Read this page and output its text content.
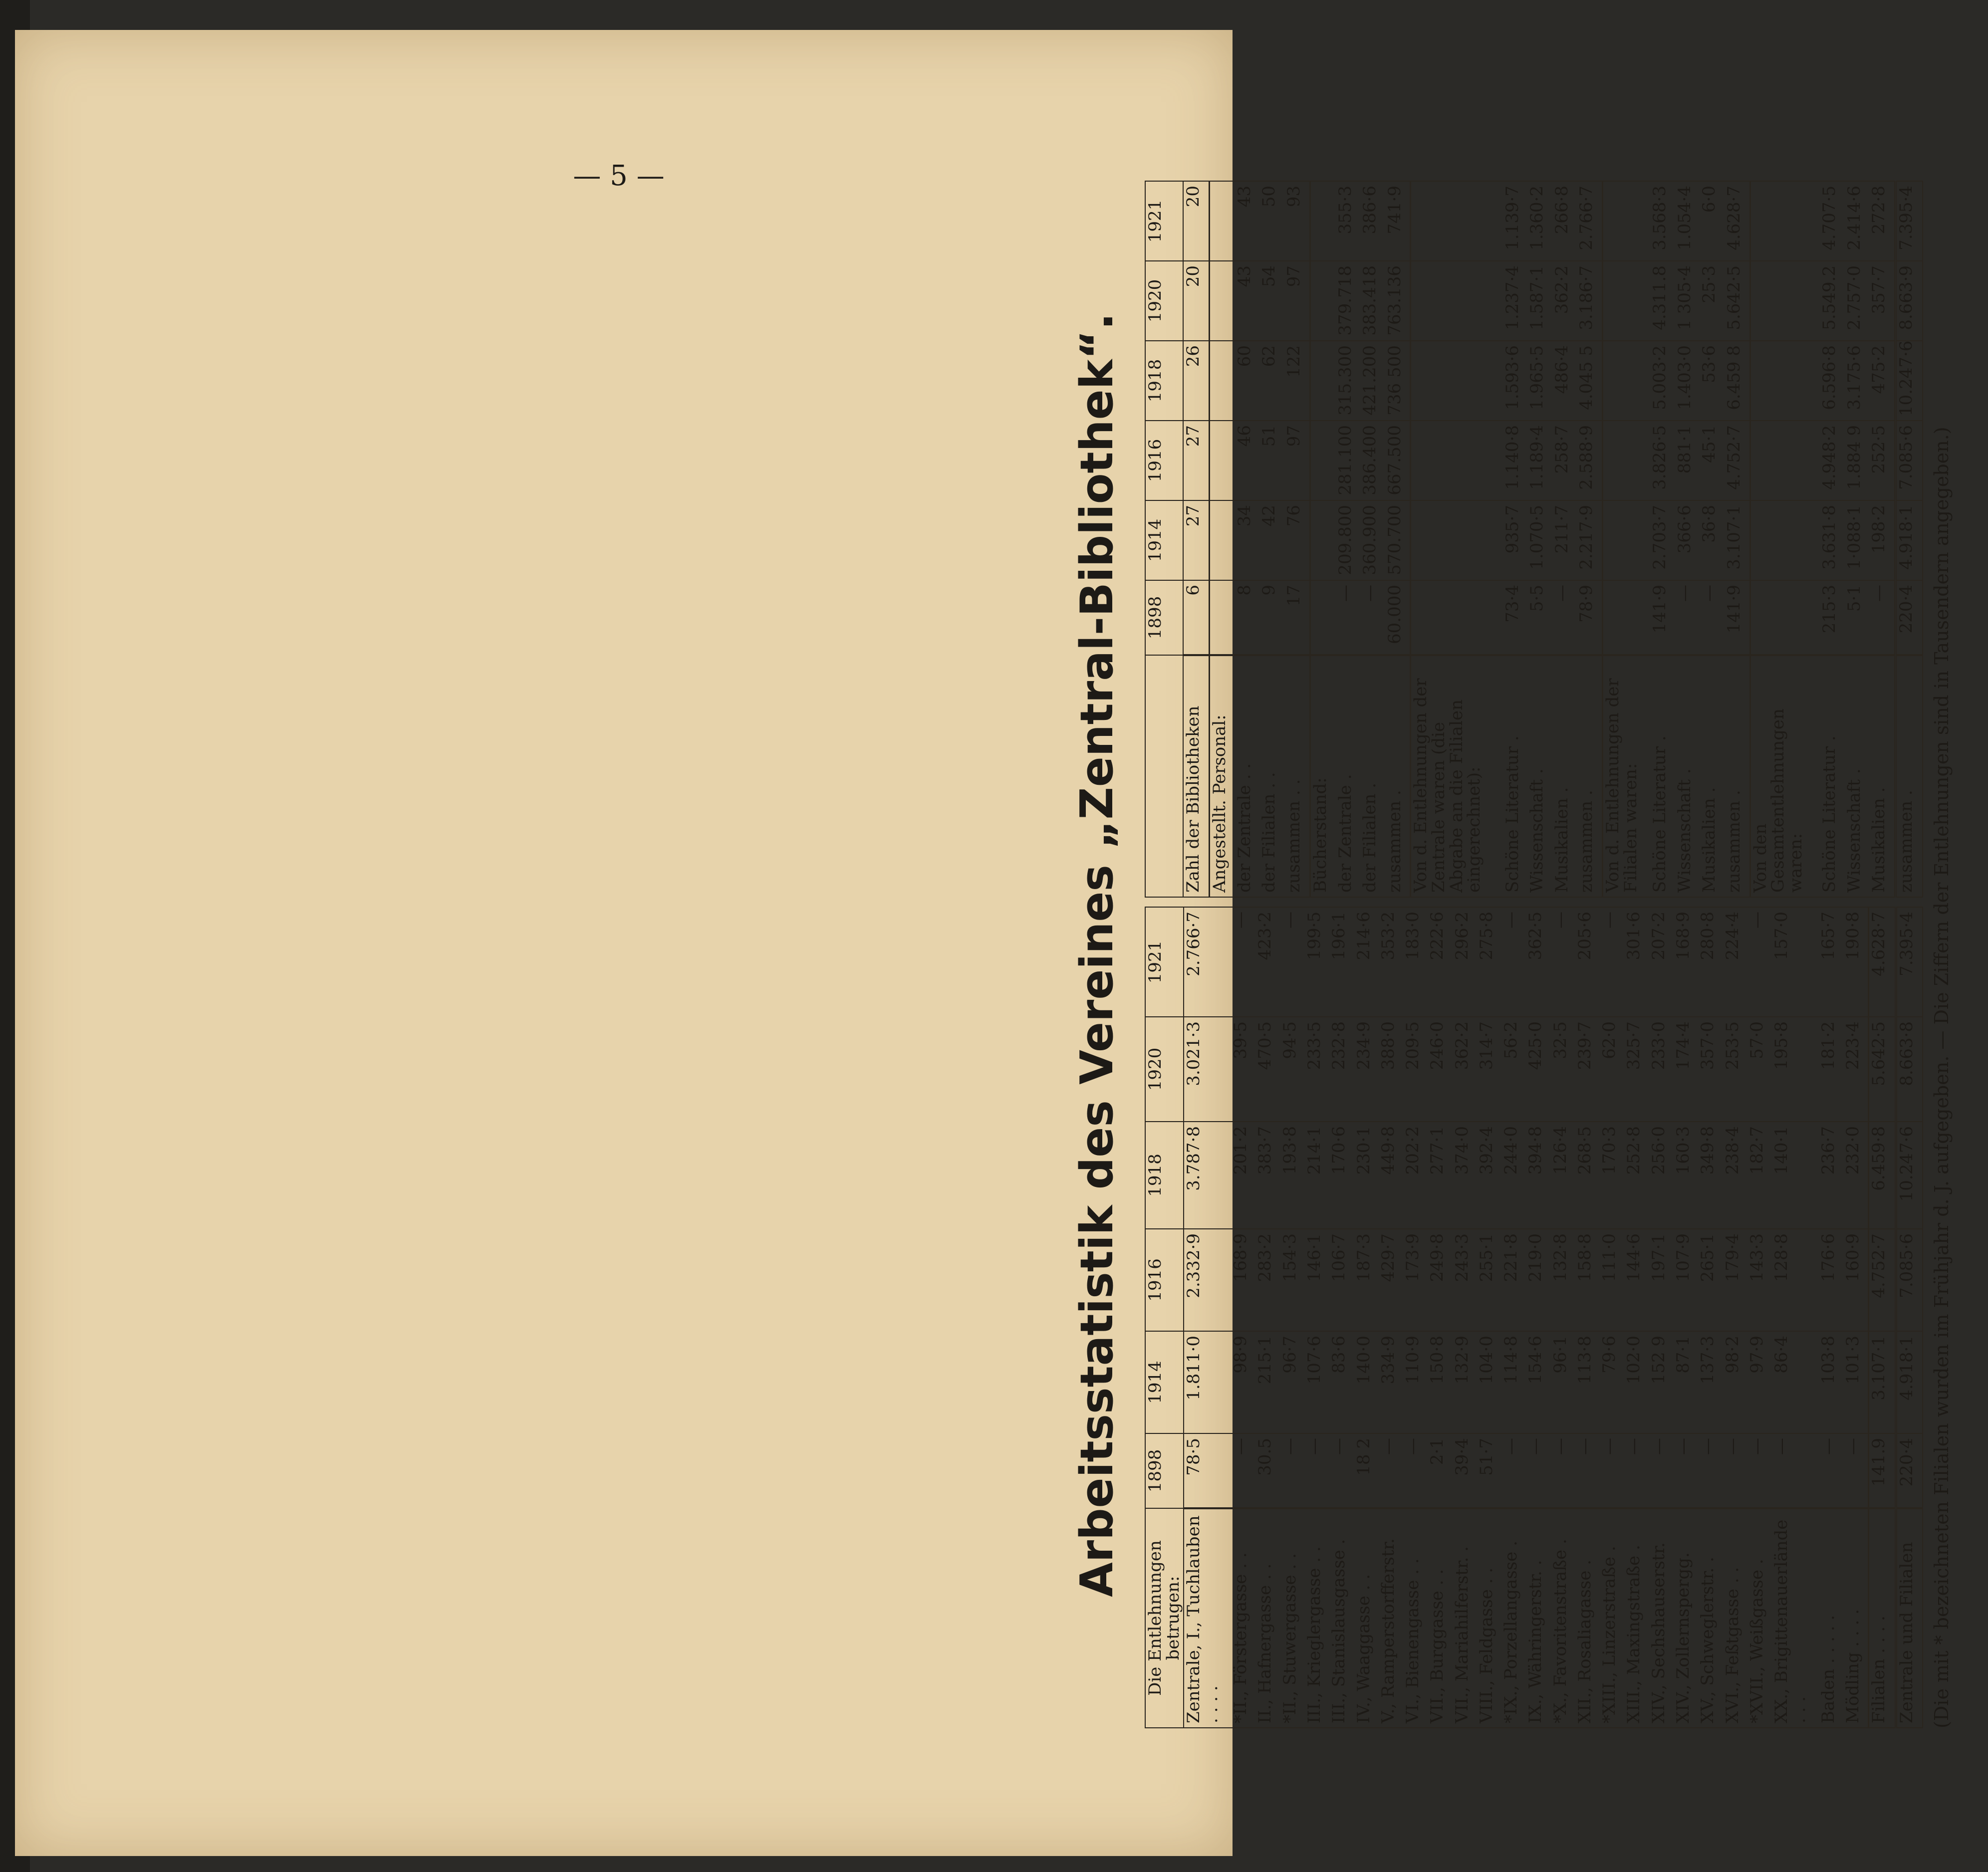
— 5 —
Arbeitsstatistik des Vereines „Zentral-Bibliothek“.
Die Entlehnungen betrugen:	1898	1914	1916	1918	1920	1921
Zentrale, I., Tuchlauben . . . .	78·5	1.811·0	2.332·9	3.787·8	3.021·3	2.766·7
*II., Förstergasse . .	—	98·9	168·9	201·2	39·5	—
II., Hafnergasse . .	30.5	215·1	283·2	383·7	470·5	423·2
*II., Stuwergasse . .	—	96·7	154·3	193·8	94·5	—
III., Krieglergasse . .	—	107·6	146·1	214·1	233·5	199·5
III., Stanislausgasse .	—	83·6	106·7	170·6	232·8	196·1
IV., Waaggasse . .	18 2	140·0	187·3	230·1	234·9	214·6
V., Ramperstorfferstr.	—	334·9	429·7	449·8	388·0	353·2
VI., Bienengasse . .	—	110·9	173·9	202·2	209·5	183·0
VII., Burggasse . .	2·1	150·8	249·8	277·1	246·0	222·6
VII., Mariahilferstr. .	39·4	132·9	243·3	374·0	362·2	296·2
VIII., Feldgasse . .	51·7	104·0	255·1	392·4	314·7	275·8
*IX., Porzellangasse .	—	114·8	221·8	244·0	56·2	—
IX., Währingerstr. .	—	154·6	219·0	394·8	425·0	362·5
*X., Favoritenstraße .	—	96·1	132·8	126·4	32·5	—
XII., Rosaliagasse .	—	113·8	158·8	268·5	239·7	205·6
*XIII., Linzerstraße .	—	79·6	111·0	170·3	62·0	—
XIII., Maxingstraße .	—	102·0	144·6	252·8	325·7	301·6
XIV., Sechshauserstr.	—	152 9	197·1	256·0	233·0	207·2
XIV., Zollernspergg.	—	87·1	107·9	160·3	174·4	168·9
XV., Schweglerstr. .	—	137·3	265·1	349·8	357·0	280·8
XVI., Feßtgasse . .	—	98·2	179·4	238·4	253·5	224·4
*XVII., Weißgasse .	—	97·9	143·3	182·7	57·0	—
XX., Brigittenauerlände . . .	—	86·4	128·8	140·1	195·8	157·0
Baden . . . . .	—	103·8	176·6	236·7	181·2	165·7
Mödling . . . .	—	101·3	160·9	232·0	223·4	190·8
Filialen . . . .	141.9	3.107·1	4.752·7	6.459·8	5.642·5	4.628·7
Zentrale und Filialen	220·4	4.918·1	7.085·6	10.247·6	8.663·8	7.395·4
	1898	1914	1916	1918	1920	1921
Zahl der Bibliotheken	6	27	27	26	20	20
Angestellt. Personal:						
der Zentrale . .	8	34	46	60	43	43
der Filialen . .	9	42	51	62	54	50
zusammen . .	17	76	97	122	97	93
Bücherstand:						
der Zentrale .	—	209.800	281.100	315.300	379.718	355·3
der Filialen .	—	360.900	386.400	421.200	383.418	386·6
zusammen .	60.000	570.700	667.500	736 500	763.136	741·9
Von d. Entlehnungen der Zentrale waren (die Abgabe an die Filialen eingerechnet):						
Schöne Literatur .	73·4	935·7	1.140·8	1.593·6	1.237·4	1.139·7
Wissenschaft .	5·5	1.070·5	1.189·4	1.965·5	1.587·1	1.360·2
Musikalien .	—	211·7	258·7	486·4	362·2	266·8
zusammen .	78·9	2.217·9	2.588·9	4.045 5	3.186·7	2.766·7
Von d. Entlehnungen der Filialen waren:						
Schöne Literatur .	141·9	2.703·7	3.826·5	5.003·2	4.311.8	3.568·3
Wissenschaft .	—	366·6	881·1	1.403·0	1 305·4	1.054·4
Musikalien .	—	36·8	45·1	53·6	25·3	6·0
zusammen .	141·9	3.107·1	4.752·7	6.459 8	5.642·5	4.628·7
Von den Gesamtentlehnungen waren:						
Schöne Literatur .	215·3	3.631·8	4.948·2	6.596·8	5.549.2	4.707·5
Wissenschaft .	5·1	1·088·1	1.884 9	3.175·6	2.757·0	2.414·6
Musikalien .	—	198·2	252·5	475·2	357·7	272·8
zusammen .	220·4	4.918·1	7.085·6	10.247·6	8.663·9	7.395·4
(Die mit * bezeichneten Filialen wurden im Frühjahr d. J. aufgegeben. — Die Ziffern der Entlehnungen sind in Tausendern angegeben.)
